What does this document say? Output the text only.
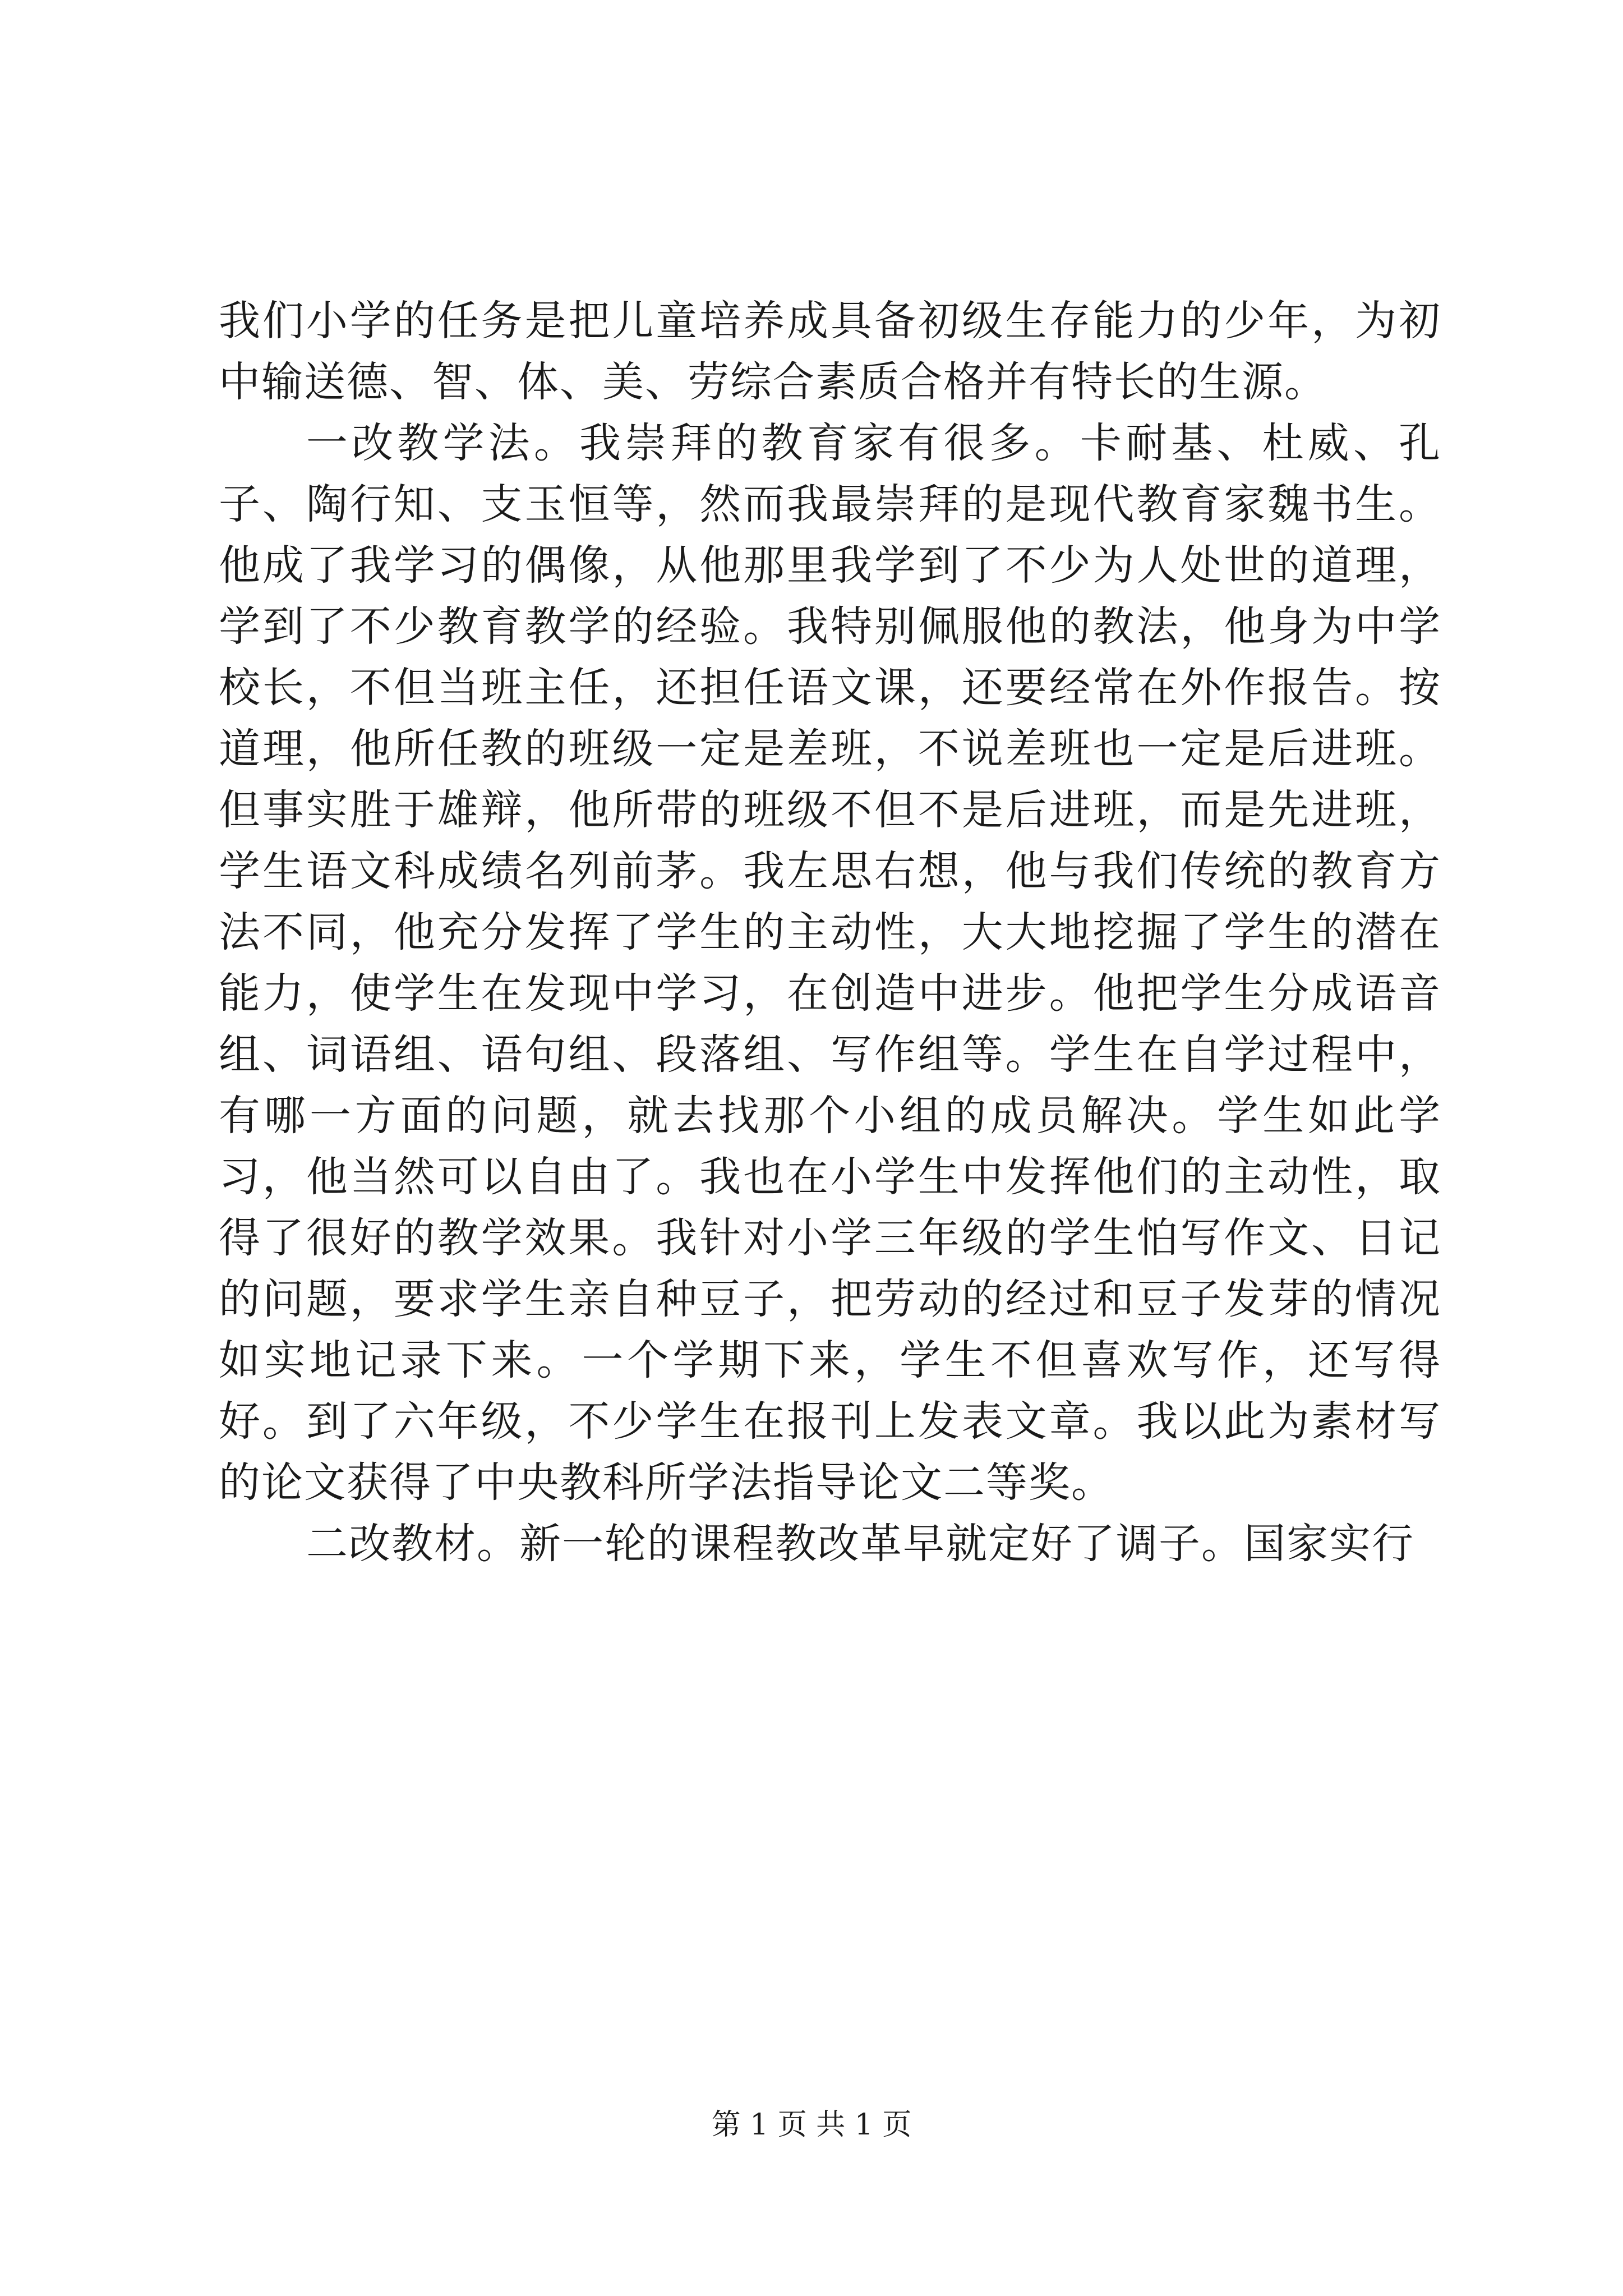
我们小学的任务是把儿童培养成具备初级生存能力的少年，为初中输送德、智、体、美、劳综合素质合格并有特长的生源。

一改教学法。我崇拜的教育家有很多。卡耐基、杜威、孔子、陶行知、支玉恒等，然而我最崇拜的是现代教育家魏书生。他成了我学习的偶像，从他那里我学到了不少为人处世的道理，学到了不少教育教学的经验。我特别佩服他的教法，他身为中学校长，不但当班主任，还担任语文课，还要经常在外作报告。按道理，他所任教的班级一定是差班，不说差班也一定是后进班。但事实胜于雄辩，他所带的班级不但不是后进班，而是先进班，学生语文科成绩名列前茅。我左思右想，他与我们传统的教育方法不同，他充分发挥了学生的主动性，大大地挖掘了学生的潜在能力，使学生在发现中学习，在创造中进步。他把学生分成语音组、词语组、语句组、段落组、写作组等。学生在自学过程中，有哪一方面的问题，就去找那个小组的成员解决。学生如此学习，他当然可以自由了。我也在小学生中发挥他们的主动性，取得了很好的教学效果。我针对小学三年级的学生怕写作文、日记的问题，要求学生亲自种豆子，把劳动的经过和豆子发芽的情况如实地记录下来。一个学期下来，学生不但喜欢写作，还写得好。到了六年级，不少学生在报刊上发表文章。我以此为素材写的论文获得了中央教科所学法指导论文二等奖。

二改教材。新一轮的课程教改革早就定好了调子。国家实行

第 1 页 共 1 页
